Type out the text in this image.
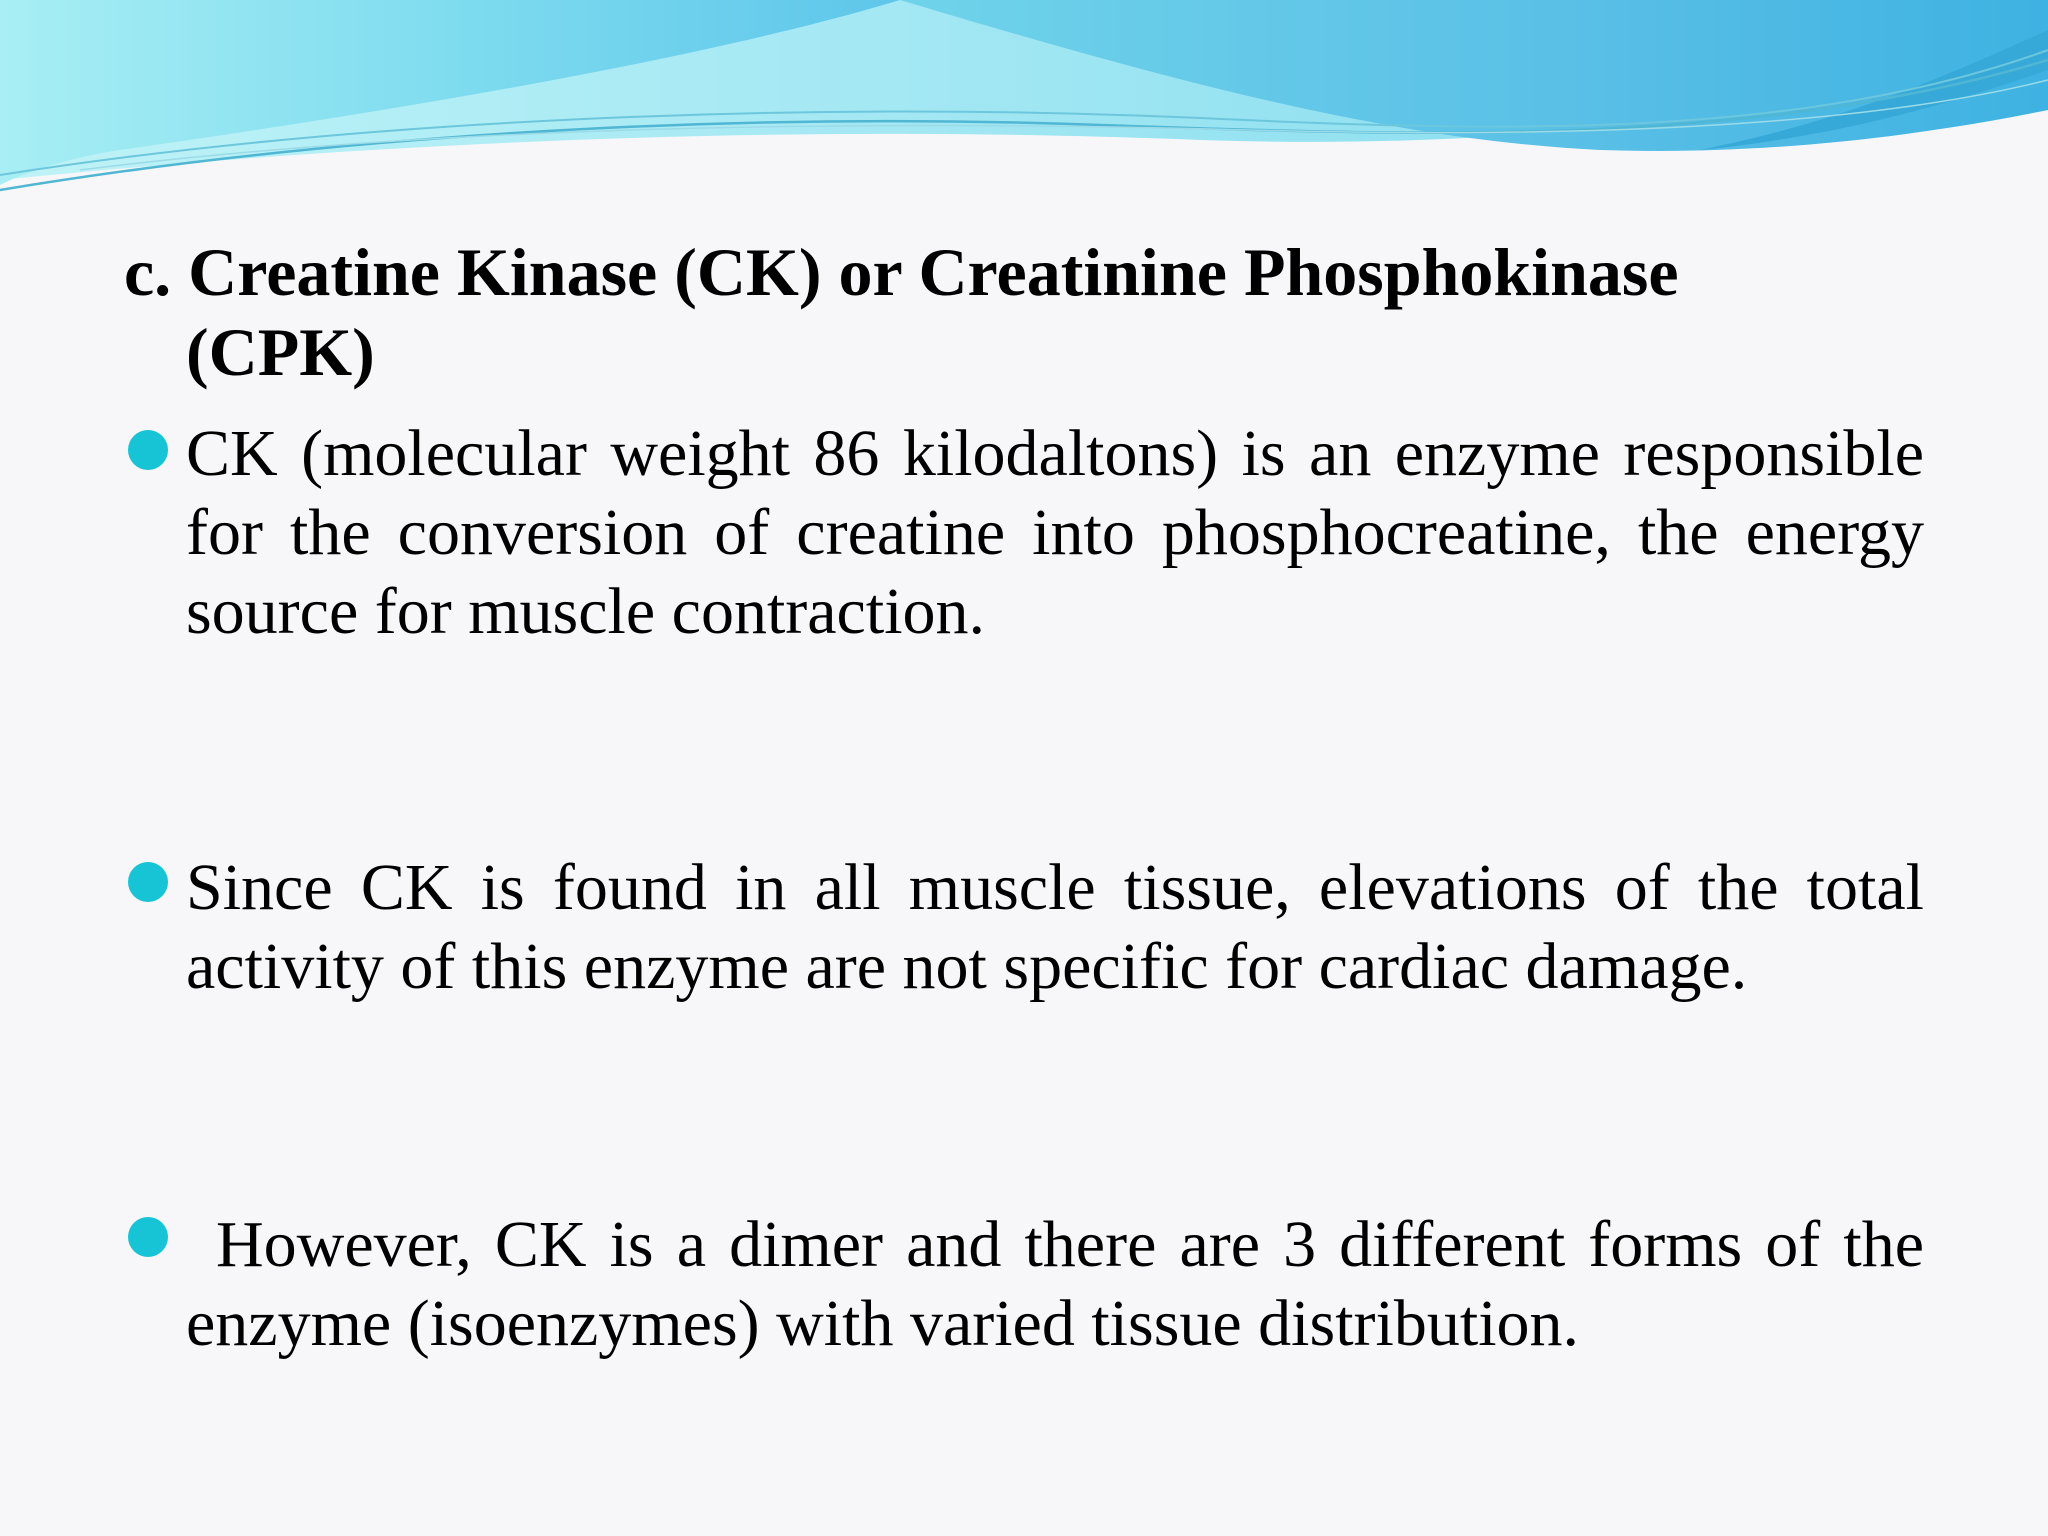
c. Creatine Kinase (CK) or Creatinine Phosphokinase
(CPK)

CK (molecular weight 86 kilodaltons) is an enzyme responsible for the conversion of creatine into phosphocreatine, the energy source for muscle contraction.

Since CK is found in all muscle tissue, elevations of the total activity of this enzyme are not specific for cardiac damage.

However, CK is a dimer and there are 3 different forms of the enzyme (isoenzymes) with varied tissue distribution.
